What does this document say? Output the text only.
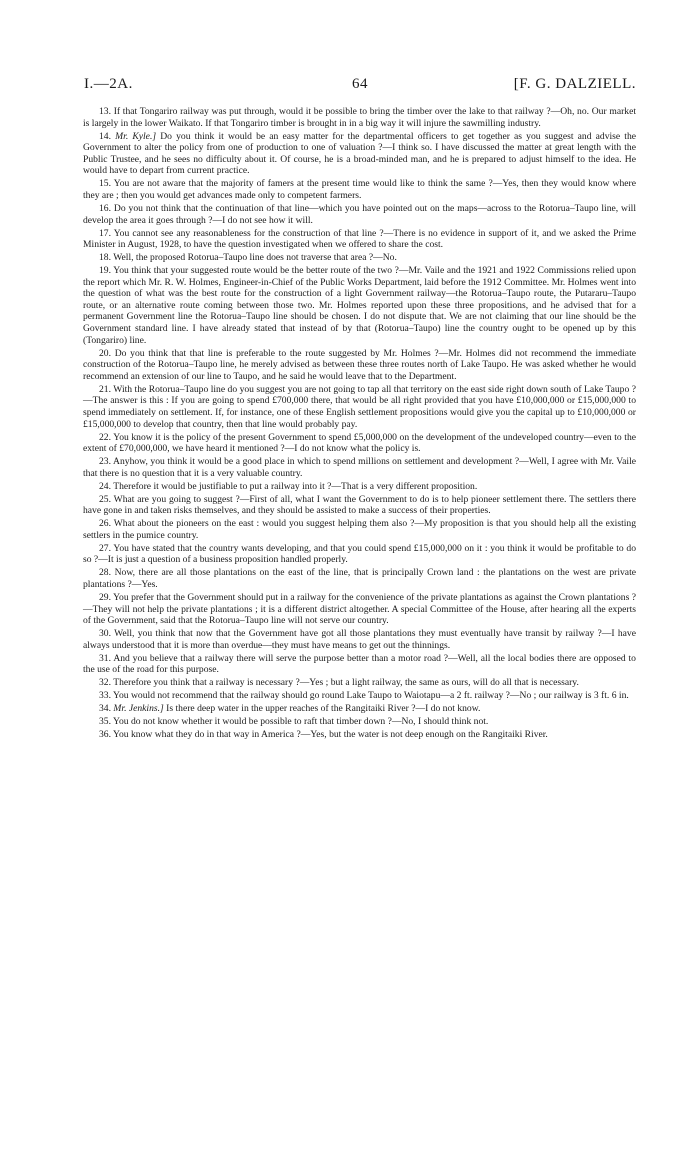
I.—2A.	64	[F. G. DALZIELL.

13. If that Tongariro railway was put through, would it be possible to bring the timber over the lake to that railway ?—Oh, no. Our market is largely in the lower Waikato. If that Tongariro timber is brought in in a big way it will injure the sawmilling industry.

14. Mr. Kyle.] Do you think it would be an easy matter for the departmental officers to get together as you suggest and advise the Government to alter the policy from one of production to one of valuation ?—I think so. I have discussed the matter at great length with the Public Trustee, and he sees no difficulty about it. Of course, he is a broad-minded man, and he is prepared to adjust himself to the idea. He would have to depart from current practice.

15. You are not aware that the majority of famers at the present time would like to think the same ?—Yes, then they would know where they are ; then you would get advances made only to competent farmers.

16. Do you not think that the continuation of that line—which you have pointed out on the maps—across to the Rotorua–Taupo line, will develop the area it goes through ?—I do not see how it will.

17. You cannot see any reasonableness for the construction of that line ?—There is no evidence in support of it, and we asked the Prime Minister in August, 1928, to have the question investigated when we offered to share the cost.

18. Well, the proposed Rotorua–Taupo line does not traverse that area ?—No.

19. You think that your suggested route would be the better route of the two ?—Mr. Vaile and the 1921 and 1922 Commissions relied upon the report which Mr. R. W. Holmes, Engineer-in-Chief of the Public Works Department, laid before the 1912 Committee. Mr. Holmes went into the question of what was the best route for the construction of a light Government railway—the Rotorua–Taupo route, the Putararu–Taupo route, or an alternative route coming between those two. Mr. Holmes reported upon these three propositions, and he advised that for a permanent Government line the Rotorua–Taupo line should be chosen. I do not dispute that. We are not claiming that our line should be the Government standard line. I have already stated that instead of by that (Rotorua–Taupo) line the country ought to be opened up by this (Tongariro) line.

20. Do you think that that line is preferable to the route suggested by Mr. Holmes ?—Mr. Holmes did not recommend the immediate construction of the Rotorua–Taupo line, he merely advised as between these three routes north of Lake Taupo. He was asked whether he would recommend an extension of our line to Taupo, and he said he would leave that to the Department.

21. With the Rotorua–Taupo line do you suggest you are not going to tap all that territory on the east side right down south of Lake Taupo ?—The answer is this : If you are going to spend £700,000 there, that would be all right provided that you have £10,000,000 or £15,000,000 to spend immediately on settlement. If, for instance, one of these English settlement propositions would give you the capital up to £10,000,000 or £15,000,000 to develop that country, then that line would probably pay.

22. You know it is the policy of the present Government to spend £5,000,000 on the development of the undeveloped country—even to the extent of £70,000,000, we have heard it mentioned ?—I do not know what the policy is.

23. Anyhow, you think it would be a good place in which to spend millions on settlement and development ?—Well, I agree with Mr. Vaile that there is no question that it is a very valuable country.

24. Therefore it would be justifiable to put a railway into it ?—That is a very different proposition.

25. What are you going to suggest ?—First of all, what I want the Government to do is to help pioneer settlement there. The settlers there have gone in and taken risks themselves, and they should be assisted to make a success of their properties.

26. What about the pioneers on the east : would you suggest helping them also ?—My proposition is that you should help all the existing settlers in the pumice country.

27. You have stated that the country wants developing, and that you could spend £15,000,000 on it : you think it would be profitable to do so ?—It is just a question of a business proposition handled properly.

28. Now, there are all those plantations on the east of the line, that is principally Crown land : the plantations on the west are private plantations ?—Yes.

29. You prefer that the Government should put in a railway for the convenience of the private plantations as against the Crown plantations ?—They will not help the private plantations ; it is a different district altogether. A special Committee of the House, after hearing all the experts of the Government, said that the Rotorua–Taupo line will not serve our country.

30. Well, you think that now that the Government have got all those plantations they must eventually have transit by railway ?—I have always understood that it is more than overdue—they must have means to get out the thinnings.

31. And you believe that a railway there will serve the purpose better than a motor road ?—Well, all the local bodies there are opposed to the use of the road for this purpose.

32. Therefore you think that a railway is necessary ?—Yes ; but a light railway, the same as ours, will do all that is necessary.

33. You would not recommend that the railway should go round Lake Taupo to Waiotapu—a 2 ft. railway ?—No ; our railway is 3 ft. 6 in.

34. Mr. Jenkins.] Is there deep water in the upper reaches of the Rangitaiki River ?—I do not know.

35. You do not know whether it would be possible to raft that timber down ?—No, I should think not.

36. You know what they do in that way in America ?—Yes, but the water is not deep enough on the Rangitaiki River.
